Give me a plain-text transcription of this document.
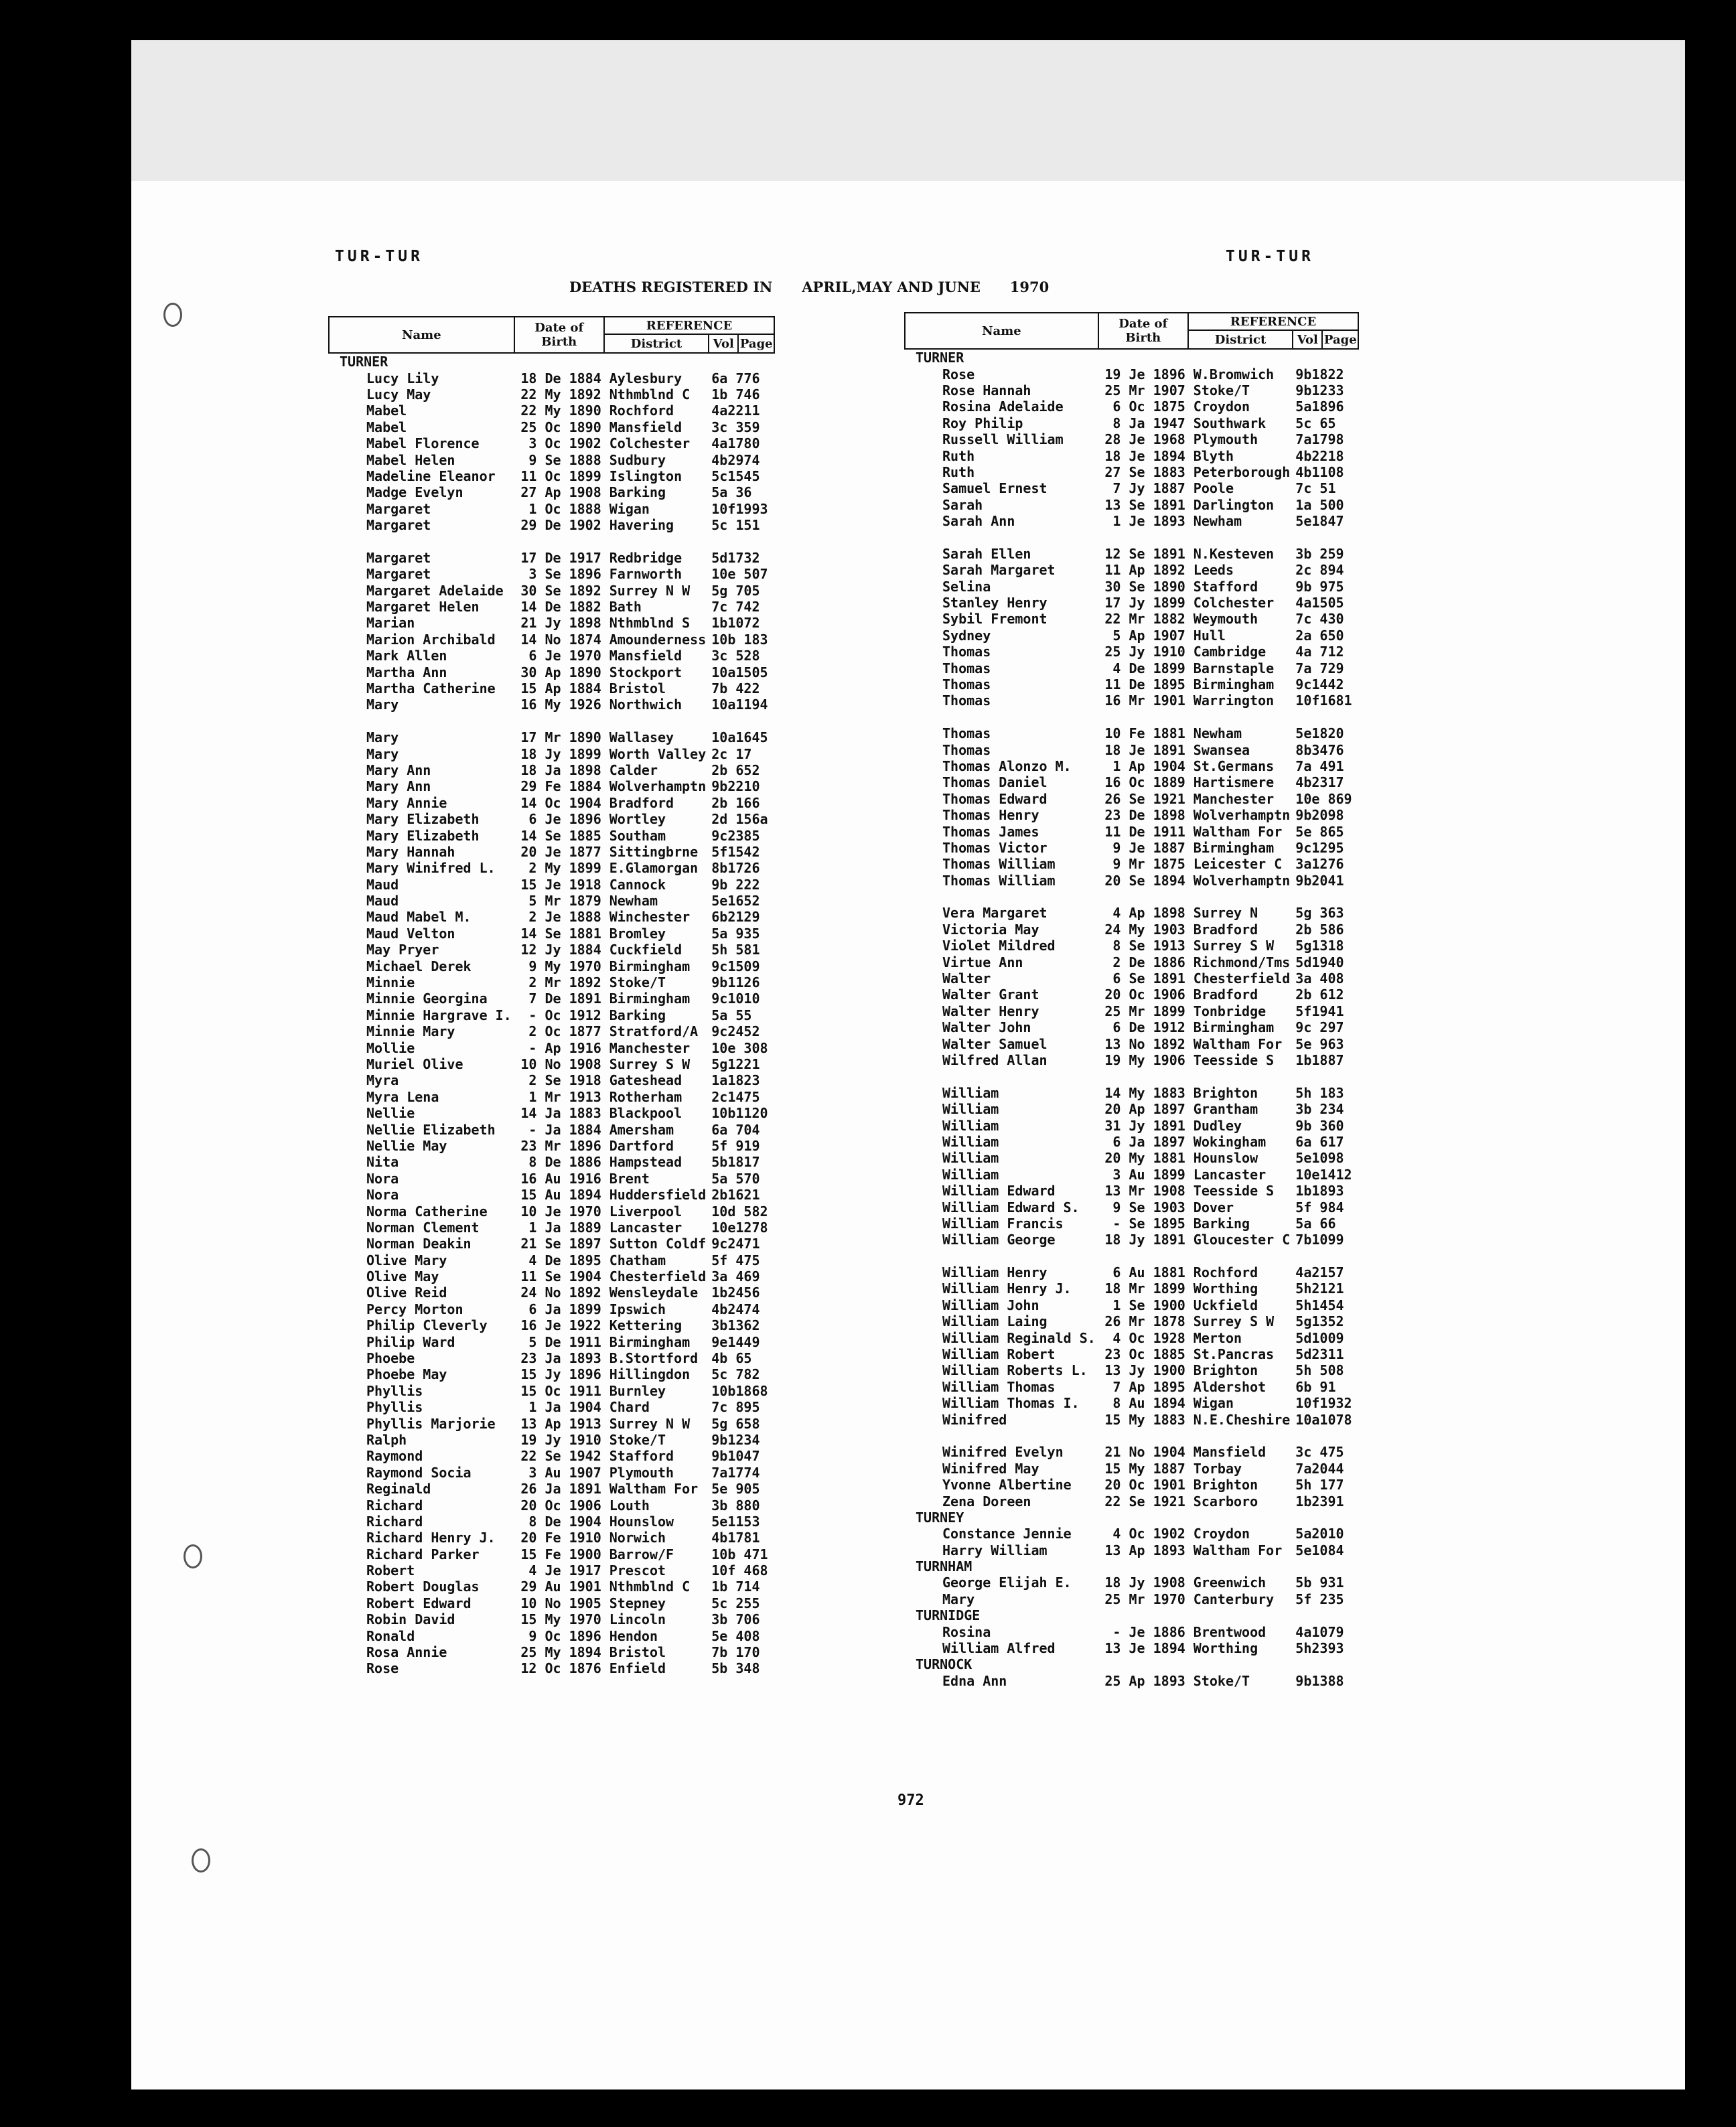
TUR-TUR	TUR-TUR
DEATHS REGISTERED IN APRIL,MAY AND JUNE 1970
Name	Date of Birth	REFERENCE		
		District	Vol	Page
TURNER				
Lucy Lily	18 De 1884	Aylesbury	6a 776	
Lucy May	22 My 1892	Nthmblnd C	1b 746	
Mabel	22 My 1890	Rochford	4a2211	
Mabel	25 Oc 1890	Mansfield	3c 359	
Mabel Florence	3 Oc 1902	Colchester	4a1780	
Mabel Helen	9 Se 1888	Sudbury	4b2974	
Madeline Eleanor	11 Oc 1899	Islington	5c1545	
Madge Evelyn	27 Ap 1908	Barking	5a 36	
Margaret	1 Oc 1888	Wigan	10f1993	
Margaret	29 De 1902	Havering	5c 151	

Margaret	17 De 1917	Redbridge	5d1732	
Margaret	3 Se 1896	Farnworth	10e 507	
Margaret Adelaide	30 Se 1892	Surrey N W	5g 705	
Margaret Helen	14 De 1882	Bath	7c 742	
Marian	21 Jy 1898	Nthmblnd S	1b1072	
Marion Archibald	14 No 1874	Amounderness	10b 183	
Mark Allen	6 Je 1970	Mansfield	3c 528	
Martha Ann	30 Ap 1890	Stockport	10a1505	
Martha Catherine	15 Ap 1884	Bristol	7b 422	
Mary	16 My 1926	Northwich	10a1194	

Mary	17 Mr 1890	Wallasey	10a1645	
Mary	18 Jy 1899	Worth Valley	2c 17	
Mary Ann	18 Ja 1898	Calder	2b 652	
Mary Ann	29 Fe 1884	Wolverhamptn	9b2210	
Mary Annie	14 Oc 1904	Bradford	2b 166	
Mary Elizabeth	6 Je 1896	Wortley	2d 156a	
Mary Elizabeth	14 Se 1885	Southam	9c2385	
Mary Hannah	20 Je 1877	Sittingbrne	5f1542	
Mary Winifred L.	2 My 1899	E.Glamorgan	8b1726	
Maud	15 Je 1918	Cannock	9b 222	
Maud	5 Mr 1879	Newham	5e1652	
Maud Mabel M.	2 Je 1888	Winchester	6b2129	
Maud Velton	14 Se 1881	Bromley	5a 935	
May Pryer	12 Jy 1884	Cuckfield	5h 581	
Michael Derek	9 My 1970	Birmingham	9c1509	
Minnie	2 Mr 1892	Stoke/T	9b1126	
Minnie Georgina	7 De 1891	Birmingham	9c1010	
Minnie Hargrave I.	- Oc 1912	Barking	5a 55	
Minnie Mary	2 Oc 1877	Stratford/A	9c2452	
Mollie	- Ap 1916	Manchester	10e 308	
Muriel Olive	10 No 1908	Surrey S W	5g1221	
Myra	2 Se 1918	Gateshead	1a1823	
Myra Lena	1 Mr 1913	Rotherham	2c1475	
Nellie	14 Ja 1883	Blackpool	10b1120	
Nellie Elizabeth	- Ja 1884	Amersham	6a 704	
Nellie May	23 Mr 1896	Dartford	5f 919	
Nita	8 De 1886	Hampstead	5b1817	
Nora	16 Au 1916	Brent	5a 570	
Nora	15 Au 1894	Huddersfield	2b1621	
Norma Catherine	10 Je 1970	Liverpool	10d 582	
Norman Clement	1 Ja 1889	Lancaster	10e1278	
Norman Deakin	21 Se 1897	Sutton Coldf	9c2471	
Olive Mary	4 De 1895	Chatham	5f 475	
Olive May	11 Se 1904	Chesterfield	3a 469	
Olive Reid	24 No 1892	Wensleydale	1b2456	
Percy Morton	6 Ja 1899	Ipswich	4b2474	
Philip Cleverly	16 Je 1922	Kettering	3b1362	
Philip Ward	5 De 1911	Birmingham	9e1449	
Phoebe	23 Ja 1893	B.Stortford	4b 65	
Phoebe May	15 Jy 1896	Hillingdon	5c 782	
Phyllis	15 Oc 1911	Burnley	10b1868	
Phyllis	1 Ja 1904	Chard	7c 895	
Phyllis Marjorie	13 Ap 1913	Surrey N W	5g 658	
Ralph	19 Jy 1910	Stoke/T	9b1234	
Raymond	22 Se 1942	Stafford	9b1047	
Raymond Socia	3 Au 1907	Plymouth	7a1774	
Reginald	26 Ja 1891	Waltham For	5e 905	
Richard	20 Oc 1906	Louth	3b 880	
Richard	8 De 1904	Hounslow	5e1153	
Richard Henry J.	20 Fe 1910	Norwich	4b1781	
Richard Parker	15 Fe 1900	Barrow/F	10b 471	
Robert	4 Je 1917	Prescot	10f 468	
Robert Douglas	29 Au 1901	Nthmblnd C	1b 714	
Robert Edward	10 No 1905	Stepney	5c 255	
Robin David	15 My 1970	Lincoln	3b 706	
Ronald	9 Oc 1896	Hendon	5e 408	
Rosa Annie	25 My 1894	Bristol	7b 170	
Rose	12 Oc 1876	Enfield	5b 348	
Name	Date of Birth	REFERENCE		
		District	Vol	Page
TURNER				
Rose	19 Je 1896	W.Bromwich	9b1822	
Rose Hannah	25 Mr 1907	Stoke/T	9b1233	
Rosina Adelaide	6 Oc 1875	Croydon	5a1896	
Roy Philip	8 Ja 1947	Southwark	5c 65	
Russell William	28 Je 1968	Plymouth	7a1798	
Ruth	18 Je 1894	Blyth	4b2218	
Ruth	27 Se 1883	Peterborough	4b1108	
Samuel Ernest	7 Jy 1887	Poole	7c 51	
Sarah	13 Se 1891	Darlington	1a 500	
Sarah Ann	1 Je 1893	Newham	5e1847	

Sarah Ellen	12 Se 1891	N.Kesteven	3b 259	
Sarah Margaret	11 Ap 1892	Leeds	2c 894	
Selina	30 Se 1890	Stafford	9b 975	
Stanley Henry	17 Jy 1899	Colchester	4a1505	
Sybil Fremont	22 Mr 1882	Weymouth	7c 430	
Sydney	5 Ap 1907	Hull	2a 650	
Thomas	25 Jy 1910	Cambridge	4a 712	
Thomas	4 De 1899	Barnstaple	7a 729	
Thomas	11 De 1895	Birmingham	9c1442	
Thomas	16 Mr 1901	Warrington	10f1681	

Thomas	10 Fe 1881	Newham	5e1820	
Thomas	18 Je 1891	Swansea	8b3476	
Thomas Alonzo M.	1 Ap 1904	St.Germans	7a 491	
Thomas Daniel	16 Oc 1889	Hartismere	4b2317	
Thomas Edward	26 Se 1921	Manchester	10e 869	
Thomas Henry	23 De 1898	Wolverhamptn	9b2098	
Thomas James	11 De 1911	Waltham For	5e 865	
Thomas Victor	9 Je 1887	Birmingham	9c1295	
Thomas William	9 Mr 1875	Leicester C	3a1276	
Thomas William	20 Se 1894	Wolverhamptn	9b2041	

Vera Margaret	4 Ap 1898	Surrey N	5g 363	
Victoria May	24 My 1903	Bradford	2b 586	
Violet Mildred	8 Se 1913	Surrey S W	5g1318	
Virtue Ann	2 De 1886	Richmond/Tms	5d1940	
Walter	6 Se 1891	Chesterfield	3a 408	
Walter Grant	20 Oc 1906	Bradford	2b 612	
Walter Henry	25 Mr 1899	Tonbridge	5f1941	
Walter John	6 De 1912	Birmingham	9c 297	
Walter Samuel	13 No 1892	Waltham For	5e 963	
Wilfred Allan	19 My 1906	Teesside S	1b1887	

William	14 My 1883	Brighton	5h 183	
William	20 Ap 1897	Grantham	3b 234	
William	31 Jy 1891	Dudley	9b 360	
William	6 Ja 1897	Wokingham	6a 617	
William	20 My 1881	Hounslow	5e1098	
William	3 Au 1899	Lancaster	10e1412	
William Edward	13 Mr 1908	Teesside S	1b1893	
William Edward S.	9 Se 1903	Dover	5f 984	
William Francis	- Se 1895	Barking	5a 66	
William George	18 Jy 1891	Gloucester C	7b1099	

William Henry	6 Au 1881	Rochford	4a2157	
William Henry J.	18 Mr 1899	Worthing	5h2121	
William John	1 Se 1900	Uckfield	5h1454	
William Laing	26 Mr 1878	Surrey S W	5g1352	
William Reginald S.	4 Oc 1928	Merton	5d1009	
William Robert	23 Oc 1885	St.Pancras	5d2311	
William Roberts L.	13 Jy 1900	Brighton	5h 508	
William Thomas	7 Ap 1895	Aldershot	6b 91	
William Thomas I.	8 Au 1894	Wigan	10f1932	
Winifred	15 My 1883	N.E.Cheshire	10a1078	

Winifred Evelyn	21 No 1904	Mansfield	3c 475	
Winifred May	15 My 1887	Torbay	7a2044	
Yvonne Albertine	20 Oc 1901	Brighton	5h 177	
Zena Doreen	22 Se 1921	Scarboro	1b2391	
TURNEY				
Constance Jennie	4 Oc 1902	Croydon	5a2010	
Harry William	13 Ap 1893	Waltham For	5e1084	
TURNHAM				
George Elijah E.	18 Jy 1908	Greenwich	5b 931	
Mary	25 Mr 1970	Canterbury	5f 235	
TURNIDGE				
Rosina	- Je 1886	Brentwood	4a1079	
William Alfred	13 Je 1894	Worthing	5h2393	
TURNOCK				
Edna Ann	25 Ap 1893	Stoke/T	9b1388	
972
